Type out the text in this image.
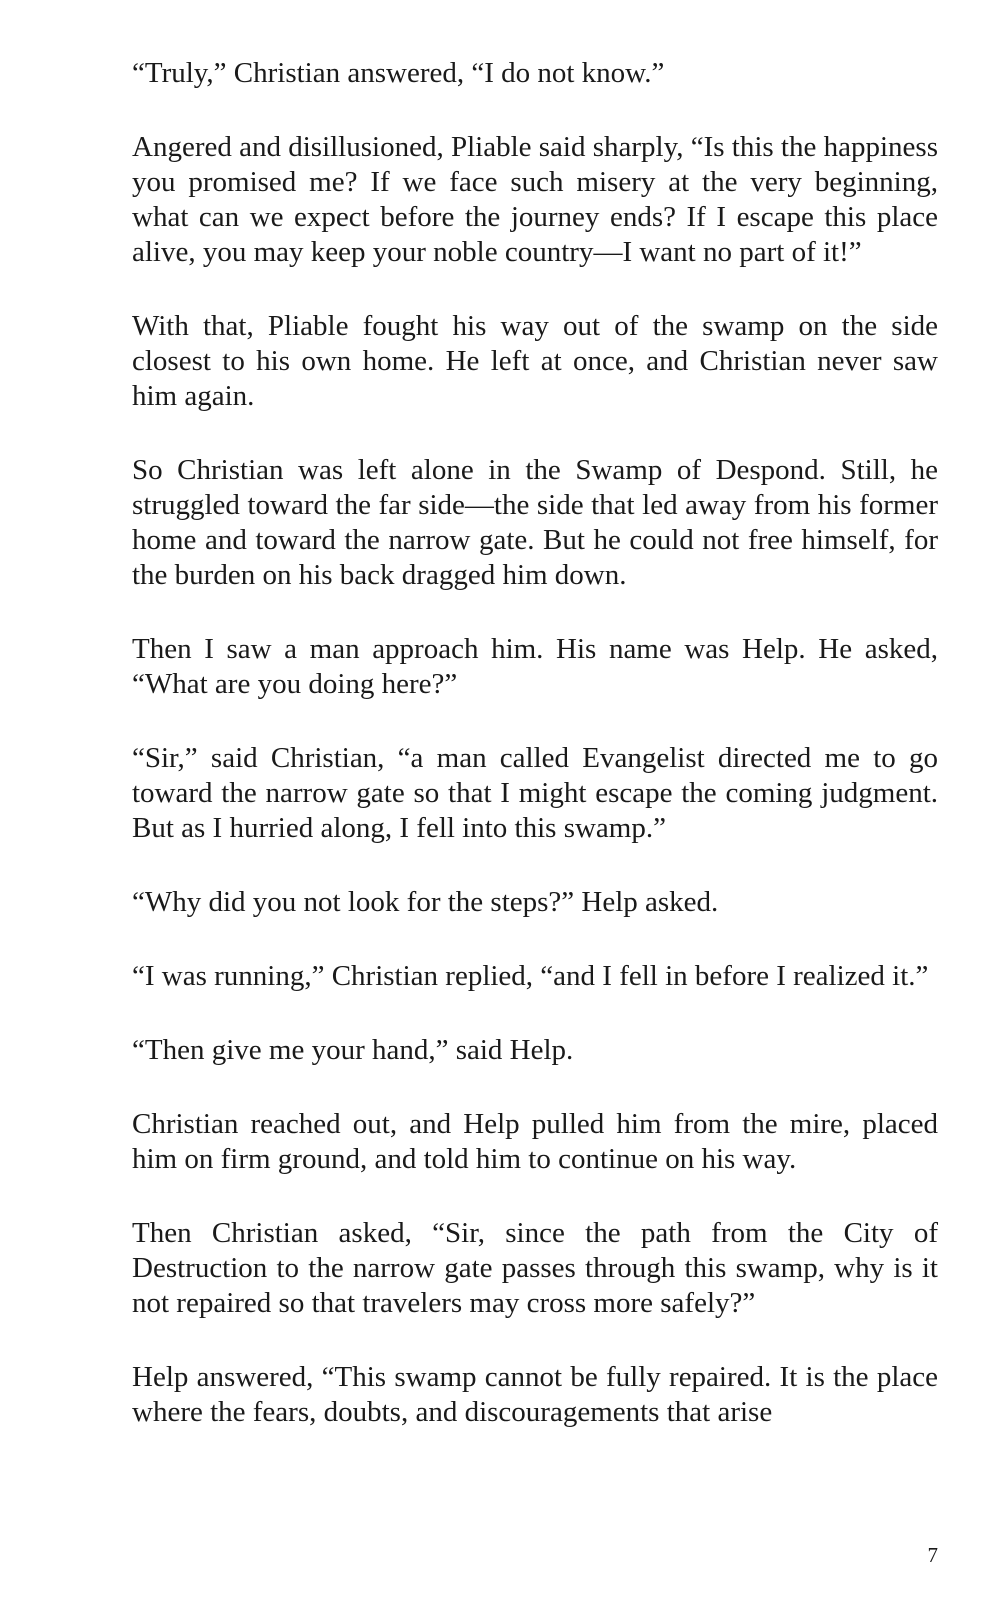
“Truly,” Christian answered, “I do not know.”

Angered and disillusioned, Pliable said sharply, “Is this the happiness you promised me? If we face such misery at the very beginning, what can we expect before the journey ends? If I escape this place alive, you may keep your noble country—I want no part of it!”

With that, Pliable fought his way out of the swamp on the side closest to his own home. He left at once, and Christian never saw him again.

So Christian was left alone in the Swamp of Despond. Still, he struggled toward the far side—the side that led away from his former home and toward the narrow gate. But he could not free himself, for the burden on his back dragged him down.

Then I saw a man approach him. His name was Help. He asked, “What are you doing here?”

“Sir,” said Christian, “a man called Evangelist directed me to go toward the narrow gate so that I might escape the coming judgment. But as I hurried along, I fell into this swamp.”

“Why did you not look for the steps?” Help asked.

“I was running,” Christian replied, “and I fell in before I realized it.”

“Then give me your hand,” said Help.

Christian reached out, and Help pulled him from the mire, placed him on firm ground, and told him to continue on his way.

Then Christian asked, “Sir, since the path from the City of Destruction to the narrow gate passes through this swamp, why is it not repaired so that travelers may cross more safely?”

Help answered, “This swamp cannot be fully repaired. It is the place where the fears, doubts, and discouragements that arise

7
